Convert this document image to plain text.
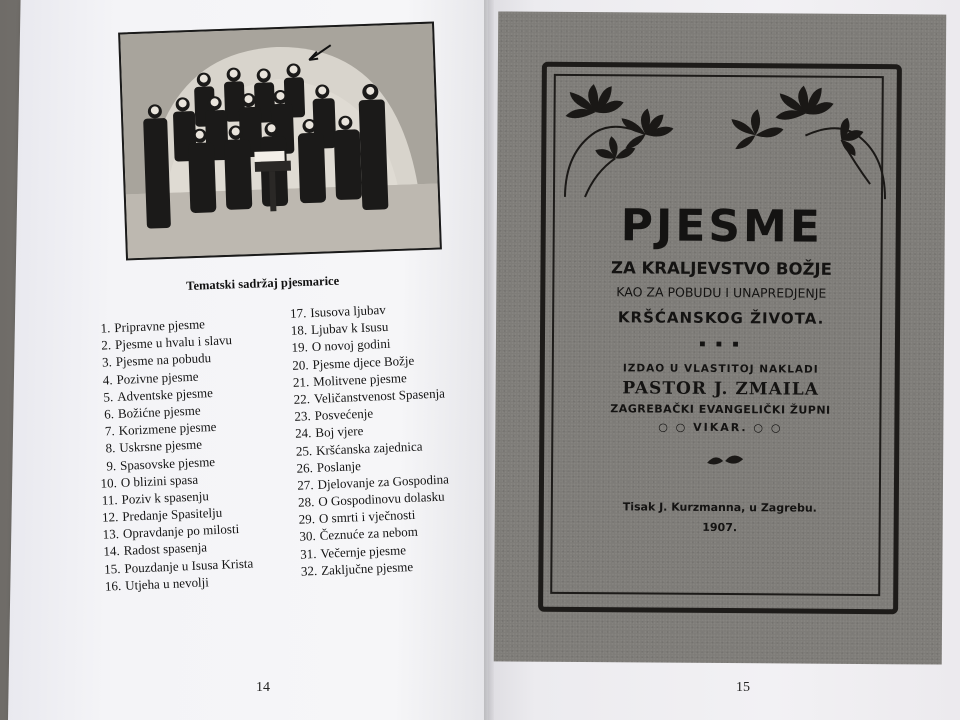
Tematski sadržaj pjesmarice
1. Pripravne pjesme
2. Pjesme u hvalu i slavu
3. Pjesme na pobudu
4. Pozivne pjesme
5. Adventske pjesme
6. Božićne pjesme
7. Korizmene pjesme
8. Uskrsne pjesme
9. Spasovske pjesme
10. O blizini spasa
11. Poziv k spasenju
12. Predanje Spasitelju
13. Opravdanje po milosti
14. Radost spasenja
15. Pouzdanje u Isusa Krista
16. Utjeha u nevolji
17. Isusova ljubav
18. Ljubav k Isusu
19. O novoj godini
20. Pjesme djece Božje
21. Molitvene pjesme
22. Veličanstvenost Spasenja
23. Posvećenje
24. Boj vjere
25. Kršćanska zajednica
26. Poslanje
27. Djelovanje za Gospodina
28. O Gospodinovu dolasku
29. O smrti i vječnosti
30. Čeznuće za nebom
31. Večernje pjesme
32. Zaključne pjesme
14
PJESME
ZA KRALJEVSTVO BOŽJE
KAO ZA POBUDU I UNAPREDJENJE
KRŠĆANSKOG ŽIVOTA.
■ ■ ■
IZDAO U VLASTITOJ NAKLADI
PASTOR J. ZMAILA
ZAGREBAČKI EVANGELIČKI ŽUPNI
○ ○ VIKAR. ○ ○
Tisak J. Kurzmanna, u Zagrebu.
1907.
15
